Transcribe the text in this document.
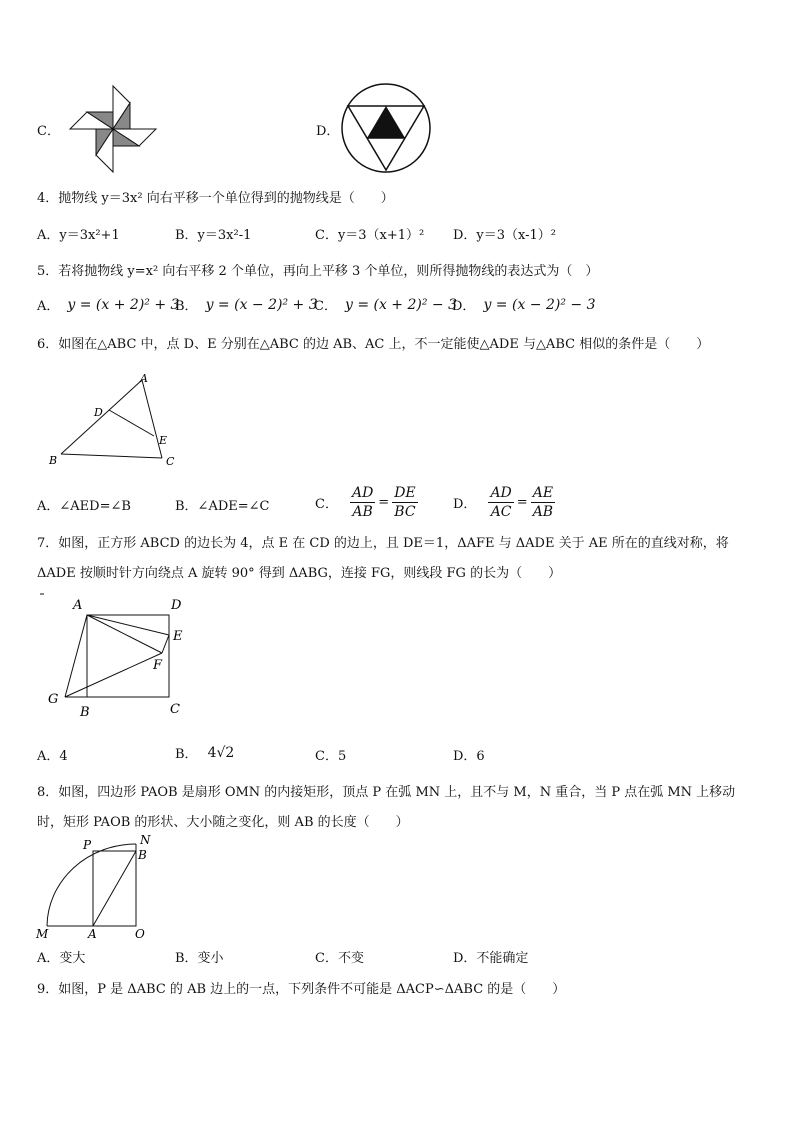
C．	D．
4．抛物线 y＝3x² 向右平移一个单位得到的抛物线是（　　）
A．y＝3x²+1	B．y＝3x²-1	C．y＝3（x+1）² D．y＝3（x-1）²
5．若将抛物线 y=x² 向右平移 2 个单位，再向上平移 3 个单位，则所得抛物线的表达式为（　）
A． y = (x + 2)² + 3
B． y = (x − 2)² + 3
C． y = (x + 2)² − 3
D． y = (x − 2)² − 3
6．如图在△ABC 中，点 D、E 分别在△ABC 的边 AB、AC 上，不一定能使△ADE 与△ABC 相似的条件是（　　）
A
D
E
B	C
A．∠AED=∠B	B．∠ADE=∠C	C． $\frac{AD}{AB} = \frac{DE}{BC}$	D． $\frac{AD}{AC} = \frac{AE}{AB}$
7．如图，正方形 ABCD 的边长为 4，点 E 在 CD 的边上，且 DE＝1，ΔAFE 与 ΔADE 关于 AE 所在的直线对称，将
ΔADE 按顺时针方向绕点 A 旋转 90° 得到 ΔABG，连接 FG，则线段 FG 的长为（　　）
A	D
E
F
G
B	C
A．4	B． 4√2	C．5	D．6
8．如图，四边形 PAOB 是扇形 OMN 的内接矩形，顶点 P 在弧 MN 上，且不与 M，N 重合，当 P 点在弧 MN 上移动
时，矩形 PAOB 的形状、大小随之变化，则 AB 的长度（　　）
P	N
B
M	A	O
A．变大	B．变小	C．不变	D．不能确定
9．如图，P 是 ΔABC 的 AB 边上的一点，下列条件不可能是 ΔACP∽ΔABC 的是（　　）
